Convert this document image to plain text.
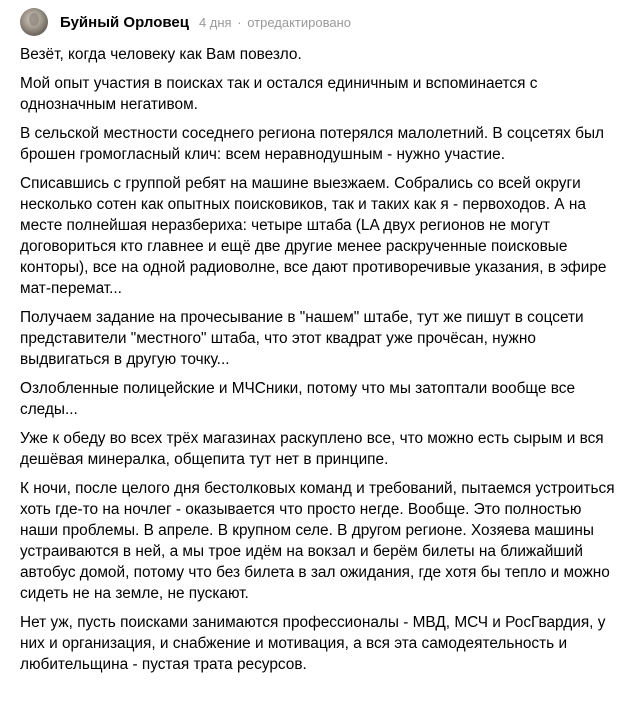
Буйный Орловец 4 дня · отредактировано

Везёт, когда человеку как Вам повезло.

Мой опыт участия в поисках так и остался единичным и вспоминается с однозначным негативом.

В сельской местности соседнего региона потерялся малолетний. В соцсетях был брошен громогласный клич: всем неравнодушным - нужно участие.

Списавшись с группой ребят на машине выезжаем. Собрались со всей округи несколько сотен как опытных поисковиков, так и таких как я - первоходов. А на месте полнейшая неразбериха: четыре штаба (LA двух регионов не могут договориться кто главнее и ещё две другие менее раскрученные поисковые конторы), все на одной радиоволне, все дают противоречивые указания, в эфире мат-перемат...

Получаем задание на прочесывание в "нашем" штабе, тут же пишут в соцсети представители "местного" штаба, что этот квадрат уже прочёсан, нужно выдвигаться в другую точку...

Озлобленные полицейские и МЧСники, потому что мы затоптали вообще все следы...

Уже к обеду во всех трёх магазинах раскуплено все, что можно есть сырым и вся дешёвая минералка, общепита тут нет в принципе.

К ночи, после целого дня бестолковых команд и требований, пытаемся устроиться хоть где-то на ночлег - оказывается что просто негде. Вообще. Это полностью наши проблемы. В апреле. В крупном селе. В другом регионе. Хозяева машины устраиваются в ней, а мы трое идём на вокзал и берём билеты на ближайший автобус домой, потому что без билета в зал ожидания, где хотя бы тепло и можно сидеть не на земле, не пускают.

Нет уж, пусть поисками занимаются профессионалы - МВД, МСЧ и РосГвардия, у них и организация, и снабжение и мотивация, а вся эта самодеятельность и любительщина - пустая трата ресурсов.
